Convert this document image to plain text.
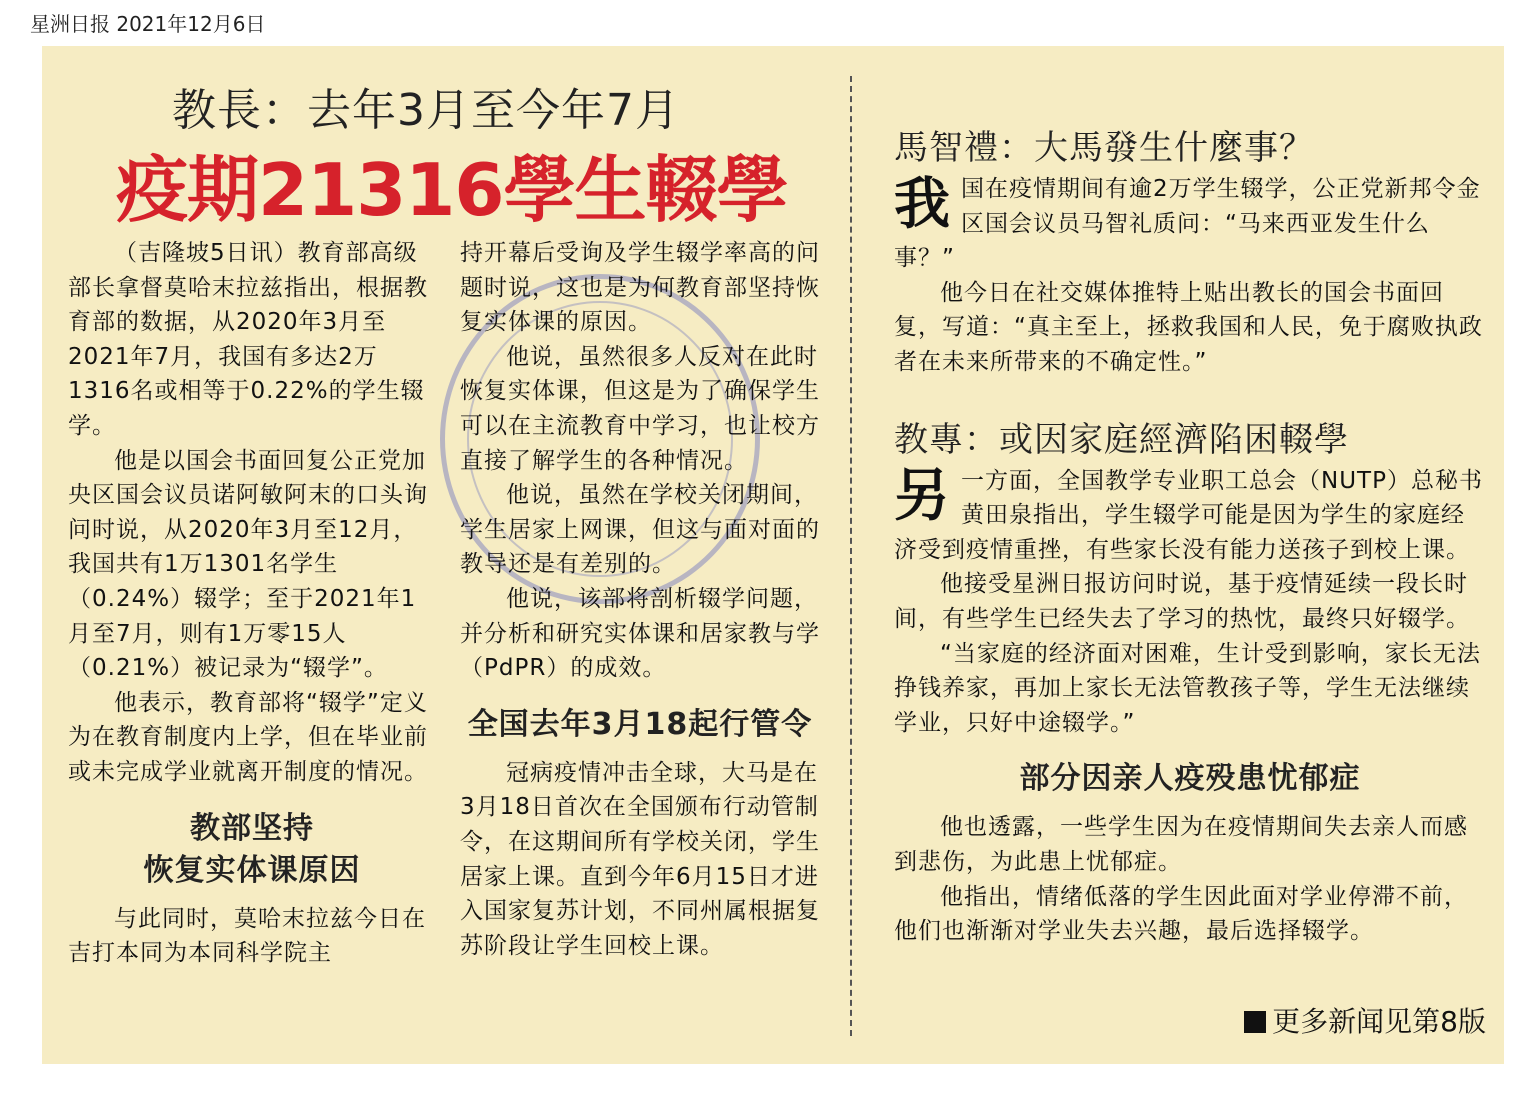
星洲日报 2021年12月6日
教長：去年3月至今年7月
疫期21316學生輟學

（吉隆坡5日讯）教育部高级部长拿督莫哈末拉兹指出，根据教育部的数据，从2020年3月至2021年7月，我国有多达2万1316名或相等于0.22%的学生辍学。

他是以国会书面回复公正党加央区国会议员诺阿敏阿末的口头询问时说，从2020年3月至12月，我国共有1万1301名学生（0.24%）辍学；至于2021年1月至7月，则有1万零15人（0.21%）被记录为“辍学”。

他表示，教育部将“辍学”定义为在教育制度内上学，但在毕业前或未完成学业就离开制度的情况。

教部坚持
恢复实体课原因

与此同时，莫哈末拉兹今日在吉打本同为本同科学院主

持开幕后受询及学生辍学率高的问题时说，这也是为何教育部坚持恢复实体课的原因。

他说，虽然很多人反对在此时恢复实体课，但这是为了确保学生可以在主流教育中学习，也让校方直接了解学生的各种情况。

他说，虽然在学校关闭期间，学生居家上网课，但这与面对面的教导还是有差别的。

他说，该部将剖析辍学问题，并分析和研究实体课和居家教与学（PdPR）的成效。

全国去年3月18起行管令

冠病疫情冲击全球，大马是在3月18日首次在全国颁布行动管制令，在这期间所有学校关闭，学生居家上课。直到今年6月15日才进入国家复苏计划，不同州属根据复苏阶段让学生回校上课。

馬智禮：大馬發生什麼事？

我国在疫情期间有逾2万学生辍学，公正党新邦令金区国会议员马智礼质问：“马来西亚发生什么事？”

他今日在社交媒体推特上贴出教长的国会书面回复，写道：“真主至上，拯救我国和人民，免于腐败执政者在未来所带来的不确定性。”

教專：或因家庭經濟陷困輟學

另一方面，全国教学专业职工总会（NUTP）总秘书黄田泉指出，学生辍学可能是因为学生的家庭经济受到疫情重挫，有些家长没有能力送孩子到校上课。

他接受星洲日报访问时说，基于疫情延续一段长时间，有些学生已经失去了学习的热忱，最终只好辍学。

“当家庭的经济面对困难，生计受到影响，家长无法挣钱养家，再加上家长无法管教孩子等，学生无法继续学业，只好中途辍学。”

部分因亲人疫殁患忧郁症

他也透露，一些学生因为在疫情期间失去亲人而感到悲伤，为此患上忧郁症。

他指出，情绪低落的学生因此面对学业停滞不前，他们也渐渐对学业失去兴趣，最后选择辍学。

更多新闻见第8版
